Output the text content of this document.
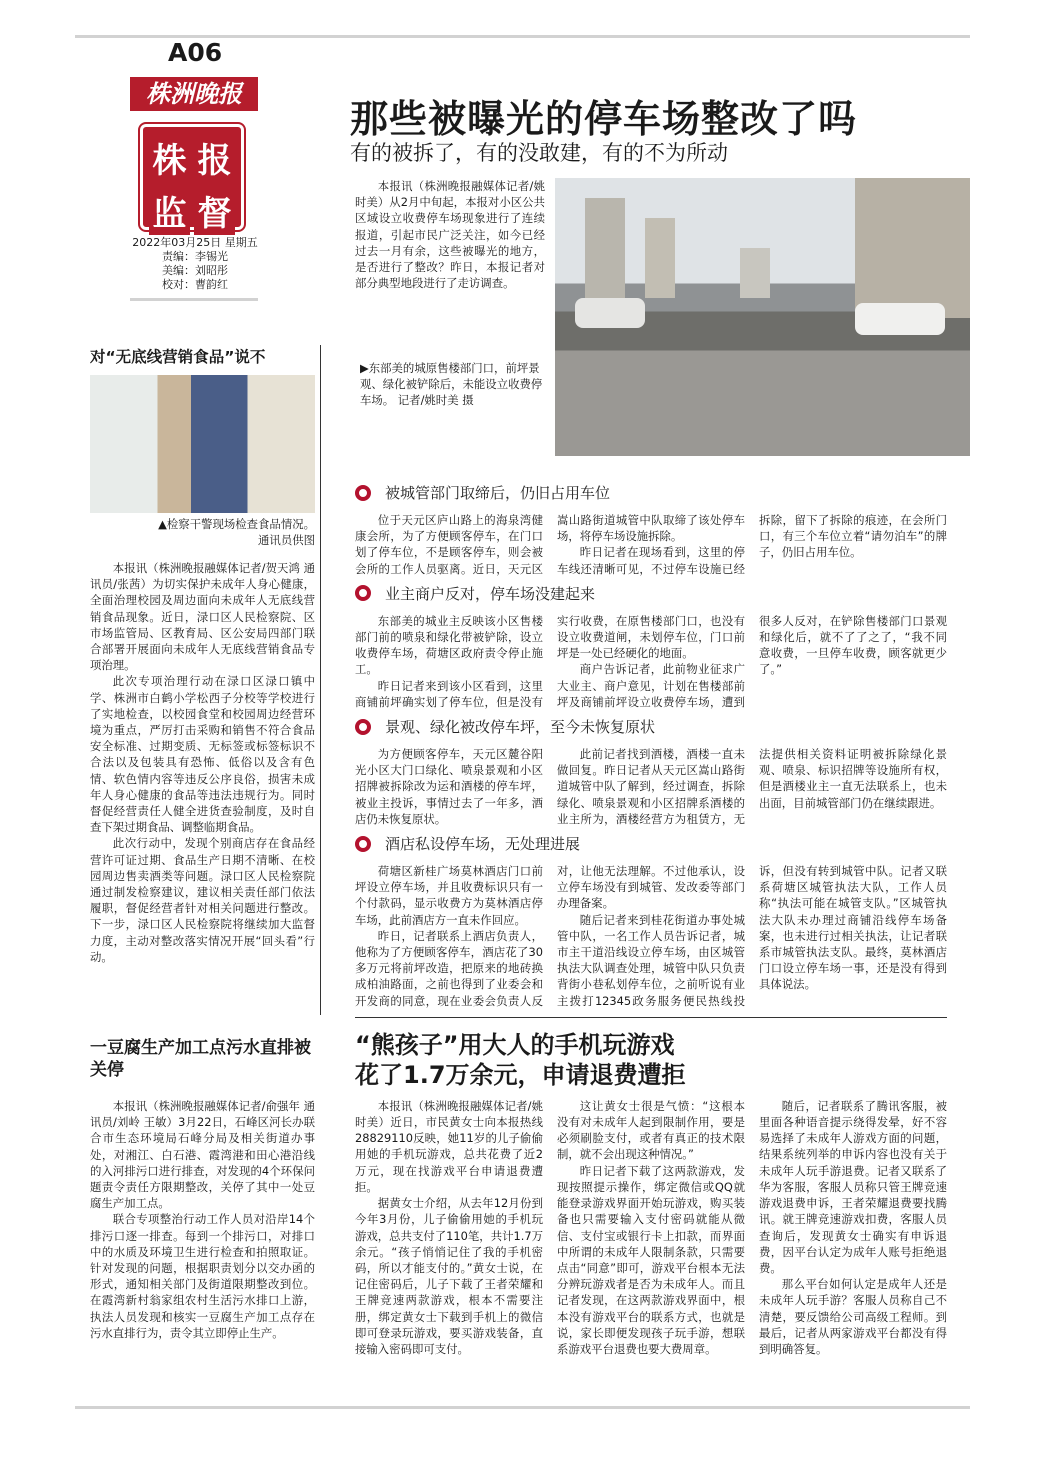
A06
株洲晚报
株 报
监 督
2022年03月25日 星期五
责编：李锡光
美编：刘昭彤
校对：曹韵红
对“无底线营销食品”说不
▲检察干警现场检查食品情况。
通讯员供图

本报讯（株洲晚报融媒体记者/贺天鸿 通讯员/张茜）为切实保护未成年人身心健康，全面治理校园及周边面向未成年人无底线营销食品现象。近日，渌口区人民检察院、区市场监管局、区教育局、区公安局四部门联合部署开展面向未成年人无底线营销食品专项治理。

此次专项治理行动在渌口区渌口镇中学、株洲市白鹤小学松西子分校等学校进行了实地检查，以校园食堂和校园周边经营环境为重点，严厉打击采购和销售不符合食品安全标准、过期变质、无标签或标签标识不合法以及包装具有恐怖、低俗以及含有色情、软色情内容等违反公序良俗，损害未成年人身心健康的食品等违法违规行为。同时督促经营责任人健全进货查验制度，及时自查下架过期食品、调整临期食品。

此次行动中，发现个别商店存在食品经营许可证过期、食品生产日期不清晰、在校园周边售卖酒类等问题。渌口区人民检察院通过制发检察建议，建议相关责任部门依法履职，督促经营者针对相关问题进行整改。下一步，渌口区人民检察院将继续加大监督力度，主动对整改落实情况开展“回头看”行动。

一豆腐生产加工点污水直排被关停

本报讯（株洲晚报融媒体记者/俞强年 通讯员/刘岭 王敏）3月22日，石峰区河长办联合市生态环境局石峰分局及相关街道办事处，对湘江、白石港、霞湾港和田心港沿线的入河排污口进行排查，对发现的4个环保问题责令责任方限期整改，关停了其中一处豆腐生产加工点。

联合专项整治行动工作人员对沿岸14个排污口逐一排查。每到一个排污口，对排口中的水质及环境卫生进行检查和拍照取证。针对发现的问题，根据职责划分以交办函的形式，通知相关部门及街道限期整改到位。在霞湾新村翁家组农村生活污水排口上游，执法人员发现和核实一豆腐生产加工点存在污水直排行为，责令其立即停止生产。

那些被曝光的停车场整改了吗
有的被拆了，有的没敢建，有的不为所动

本报讯（株洲晚报融媒体记者/姚时美）从2月中旬起，本报对小区公共区域设立收费停车场现象进行了连续报道，引起市民广泛关注，如今已经过去一月有余，这些被曝光的地方，是否进行了整改？昨日，本报记者对部分典型地段进行了走访调查。

▶东部美的城原售楼部门口，前坪景观、绿化被铲除后，未能设立收费停车场。 记者/姚时美 摄
被城管部门取缔后，仍旧占用车位

位于天元区庐山路上的海泉湾健康会所，为了方便顾客停车，在门口划了停车位，不是顾客停车，则会被会所的工作人员驱离。近日，天元区嵩山路街道城管中队取缔了该处停车场，将停车场设施拆除。

昨日记者在现场看到，这里的停车线还清晰可见，不过停车设施已经拆除，留下了拆除的痕迹，在会所门口，有三个车位立着“请勿泊车”的牌子，仍旧占用车位。

业主商户反对，停车场没建起来

东部美的城业主反映该小区售楼部门前的喷泉和绿化带被铲除，设立收费停车场，荷塘区政府责令停止施工。

昨日记者来到该小区看到，这里商铺前坪确实划了停车位，但是没有实行收费，在原售楼部门口，也没有设立收费道闸，未划停车位，门口前坪是一处已经硬化的地面。

商户告诉记者，此前物业征求广大业主、商户意见，计划在售楼部前坪及商铺前坪设立收费停车场，遭到很多人反对，在铲除售楼部门口景观和绿化后，就不了了之了，“我不同意收费，一旦停车收费，顾客就更少了。”

景观、绿化被改停车坪，至今未恢复原状

为方便顾客停车，天元区麓谷阳光小区大门口绿化、喷泉景观和小区招牌被拆除改为运和酒楼的停车坪，被业主投诉，事情过去了一年多，酒店仍未恢复原状。

此前记者找到酒楼，酒楼一直未做回复。昨日记者从天元区嵩山路街道城管中队了解到，经过调查，拆除绿化、喷泉景观和小区招牌系酒楼的业主所为，酒楼经营方为租赁方，无法提供相关资料证明被拆除绿化景观、喷泉、标识招牌等设施所有权，但是酒楼业主一直无法联系上，也未出面，目前城管部门仍在继续跟进。

酒店私设停车场，无处理进展

荷塘区新桂广场莫林酒店门口前坪设立停车场，并且收费标识只有一个付款码，显示收费方为莫林酒店停车场，此前酒店方一直未作回应。

昨日，记者联系上酒店负责人，他称为了方便顾客停车，酒店花了30多万元将前坪改造，把原来的地砖换成柏油路面，之前也得到了业委会和开发商的同意，现在业委会负责人反对，让他无法理解。不过他承认，设立停车场没有到城管、发改委等部门办理备案。

随后记者来到桂花街道办事处城管中队，一名工作人员告诉记者，城市主干道沿线设立停车场，由区城管执法大队调查处理，城管中队只负责背街小巷私划停车位，之前听说有业主拨打12345政务服务便民热线投诉，但没有转到城管中队。记者又联系荷塘区城管执法大队，工作人员称“执法可能在城管支队。”区城管执法大队未办理过商铺沿线停车场备案，也未进行过相关执法，让记者联系市城管执法支队。最终，莫林酒店门口设立停车场一事，还是没有得到具体说法。

“熊孩子”用大人的手机玩游戏
花了1.7万余元，申请退费遭拒

本报讯（株洲晚报融媒体记者/姚时美）近日，市民黄女士向本报热线28829110反映，她11岁的儿子偷偷用她的手机玩游戏，总共花费了近2万元，现在找游戏平台申请退费遭拒。

据黄女士介绍，从去年12月份到今年3月份，儿子偷偷用她的手机玩游戏，总共支付了110笔，共计1.7万余元。“孩子悄悄记住了我的手机密码，所以才能支付的。”黄女士说，在记住密码后，儿子下载了王者荣耀和王牌竞速两款游戏，根本不需要注册，绑定黄女士下载到手机上的微信即可登录玩游戏，要买游戏装备，直接输入密码即可支付。

这让黄女士很是气愤：“这根本没有对未成年人起到限制作用，要是必须刷脸支付，或者有真正的技术限制，就不会出现这种情况。”

昨日记者下载了这两款游戏，发现按照提示操作，绑定微信或QQ就能登录游戏界面开始玩游戏，购买装备也只需要输入支付密码就能从微信、支付宝或银行卡上扣款，而界面中所谓的未成年人限制条款，只需要点击“同意”即可，游戏平台根本无法分辨玩游戏者是否为未成年人。而且记者发现，在这两款游戏界面中，根本没有游戏平台的联系方式，也就是说，家长即便发现孩子玩手游，想联系游戏平台退费也要大费周章。

随后，记者联系了腾讯客服，被里面各种语音提示绕得发晕，好不容易选择了未成年人游戏方面的问题，结果系统列举的申诉内容也没有关于未成年人玩手游退费。记者又联系了华为客服，客服人员称只管王牌竞速游戏退费申诉，王者荣耀退费要找腾讯。就王牌竞速游戏扣费，客服人员查询后，发现黄女士确实有申诉退费，因平台认定为成年人账号拒绝退费。

那么平台如何认定是成年人还是未成年人玩手游？客服人员称自己不清楚，要反馈给公司高级工程师。到最后，记者从两家游戏平台都没有得到明确答复。
